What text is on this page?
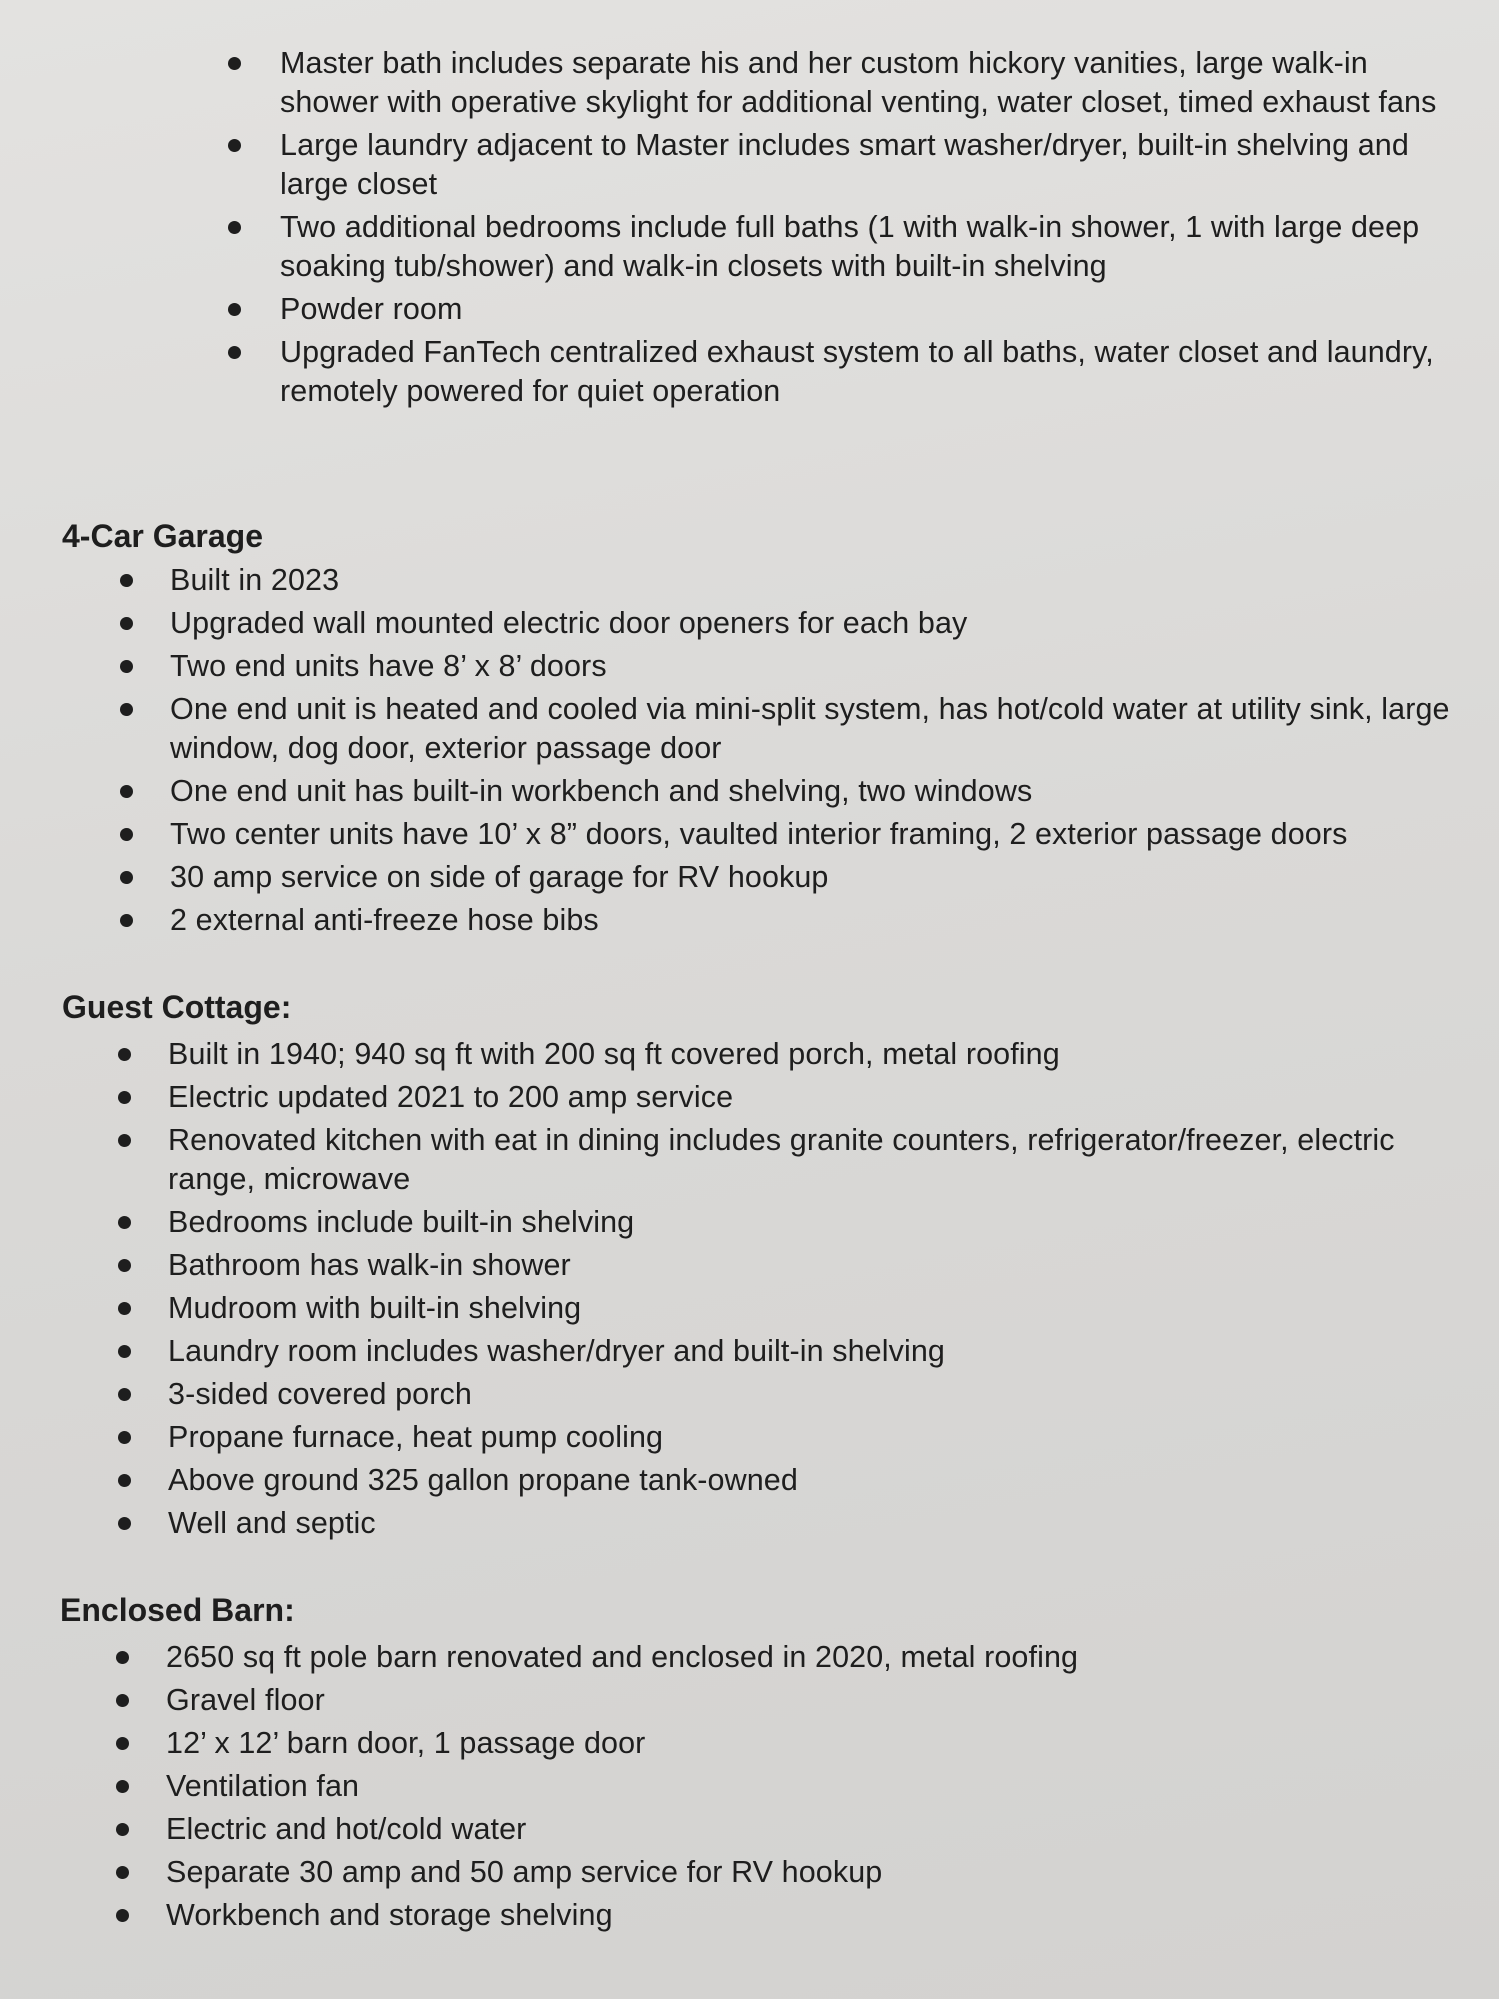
Master bath includes separate his and her custom hickory vanities, large walk-in shower with operative skylight for additional venting, water closet, timed exhaust fans
Large laundry adjacent to Master includes smart washer/dryer, built-in shelving and large closet
Two additional bedrooms include full baths (1 with walk-in shower, 1 with large deep soaking tub/shower) and walk-in closets with built-in shelving
Powder room
Upgraded FanTech centralized exhaust system to all baths, water closet and laundry, remotely powered for quiet operation
4-Car Garage
Built in 2023
Upgraded wall mounted electric door openers for each bay
Two end units have 8’ x 8’ doors
One end unit is heated and cooled via mini-split system, has hot/cold water at utility sink, large window, dog door, exterior passage door
One end unit has built-in workbench and shelving, two windows
Two center units have 10’ x 8” doors, vaulted interior framing, 2 exterior passage doors
30 amp service on side of garage for RV hookup
2 external anti-freeze hose bibs
Guest Cottage:
Built in 1940; 940 sq ft with 200 sq ft covered porch, metal roofing
Electric updated 2021 to 200 amp service
Renovated kitchen with eat in dining includes granite counters, refrigerator/freezer, electric range, microwave
Bedrooms include built-in shelving
Bathroom has walk-in shower
Mudroom with built-in shelving
Laundry room includes washer/dryer and built-in shelving
3-sided covered porch
Propane furnace, heat pump cooling
Above ground 325 gallon propane tank-owned
Well and septic
Enclosed Barn:
2650 sq ft pole barn renovated and enclosed in 2020, metal roofing
Gravel floor
12’ x 12’ barn door, 1 passage door
Ventilation fan
Electric and hot/cold water
Separate 30 amp and 50 amp service for RV hookup
Workbench and storage shelving
